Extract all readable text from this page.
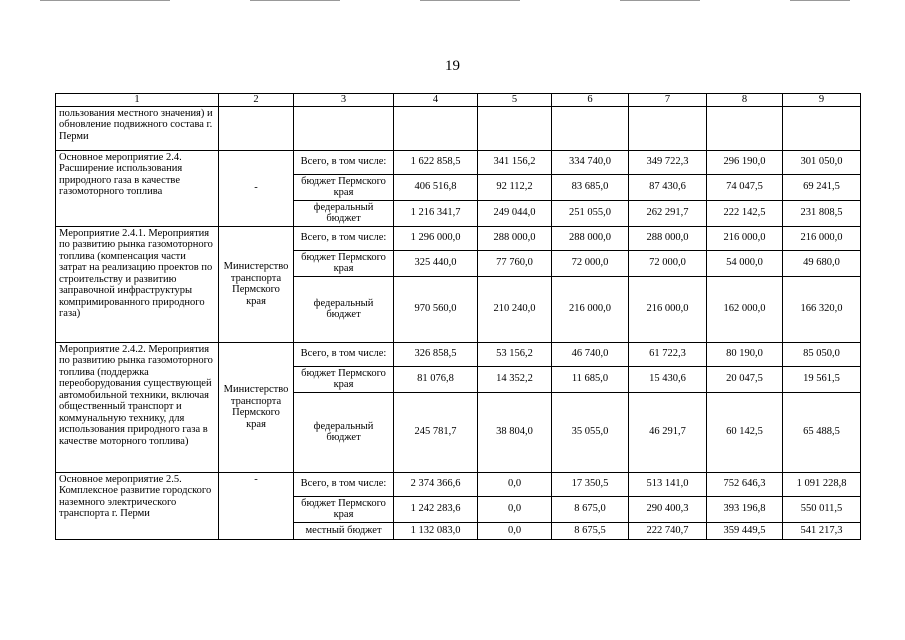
19
1	2	3	4	5	6	7	8	9
пользования местного значения) и обновление подвижного состава г. Перми								
Основное мероприятие 2.4. Расширение использования природного газа в качестве газомоторного топлива	-	Всего, в том числе:	1 622 858,5	341 156,2	334 740,0	349 722,3	296 190,0	301 050,0
		бюджет Пермского края	406 516,8	92 112,2	83 685,0	87 430,6	74 047,5	69 241,5
		федеральный бюджет	1 216 341,7	249 044,0	251 055,0	262 291,7	222 142,5	231 808,5
Мероприятие 2.4.1. Мероприятия по развитию рынка газомоторного топлива (компенсация части затрат на реализацию проектов по строительству и развитию заправочной инфраструктуры компримированного природного газа)	Министерство транспорта Пермского края	Всего, в том числе:	1 296 000,0	288 000,0	288 000,0	288 000,0	216 000,0	216 000,0
		бюджет Пермского края	325 440,0	77 760,0	72 000,0	72 000,0	54 000,0	49 680,0
		федеральный бюджет	970 560,0	210 240,0	216 000,0	216 000,0	162 000,0	166 320,0
Мероприятие 2.4.2. Мероприятия по развитию рынка газомоторного топлива (поддержка переоборудования существующей автомобильной техники, включая общественный транспорт и коммунальную технику, для использования природного газа в качестве моторного топлива)	Министерство транспорта Пермского края	Всего, в том числе:	326 858,5	53 156,2	46 740,0	61 722,3	80 190,0	85 050,0
		бюджет Пермского края	81 076,8	14 352,2	11 685,0	15 430,6	20 047,5	19 561,5
		федеральный бюджет	245 781,7	38 804,0	35 055,0	46 291,7	60 142,5	65 488,5
Основное мероприятие 2.5. Комплексное развитие городского наземного электрического транспорта г. Перми	-	Всего, в том числе:	2 374 366,6	0,0	17 350,5	513 141,0	752 646,3	1 091 228,8
		бюджет Пермского края	1 242 283,6	0,0	8 675,0	290 400,3	393 196,8	550 011,5
		местный бюджет	1 132 083,0	0,0	8 675,5	222 740,7	359 449,5	541 217,3
